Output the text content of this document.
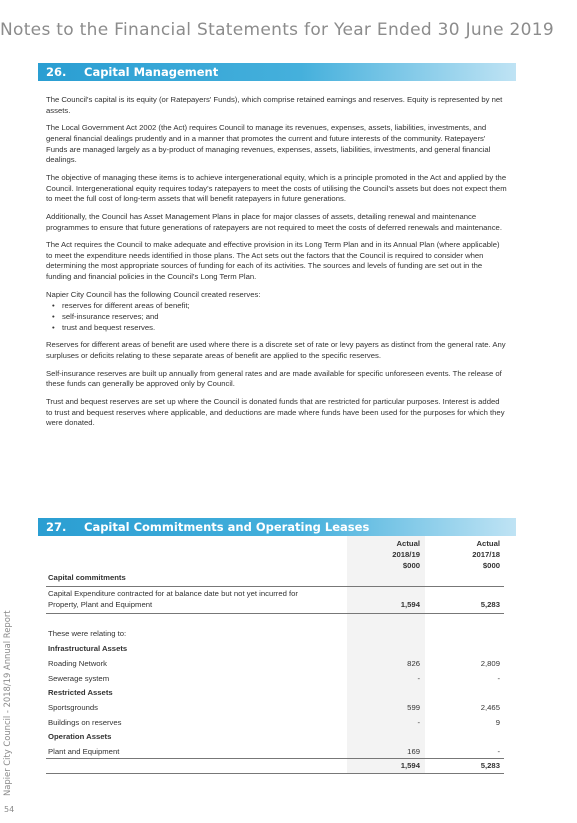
Notes to the Financial Statements for Year Ended 30 June 2019
26. Capital Management

The Council's capital is its equity (or Ratepayers' Funds), which comprise retained earnings and reserves. Equity is represented by net assets.

The Local Government Act 2002 (the Act) requires Council to manage its revenues, expenses, assets, liabilities, investments, and general financial dealings prudently and in a manner that promotes the current and future interests of the community. Ratepayers' Funds are managed largely as a by-product of managing revenues, expenses, assets, liabilities, investments, and general financial dealings.

The objective of managing these items is to achieve intergenerational equity, which is a principle promoted in the Act and applied by the Council. Intergenerational equity requires today's ratepayers to meet the costs of utilising the Council's assets but does not expect them to meet the full cost of long-term assets that will benefit ratepayers in future generations.

Additionally, the Council has Asset Management Plans in place for major classes of assets, detailing renewal and maintenance programmes to ensure that future generations of ratepayers are not required to meet the costs of deferred renewals and maintenance.

The Act requires the Council to make adequate and effective provision in its Long Term Plan and in its Annual Plan (where applicable) to meet the expenditure needs identified in those plans. The Act sets out the factors that the Council is required to consider when determining the most appropriate sources of funding for each of its activities. The sources and levels of funding are set out in the funding and financial policies in the Council's Long Term Plan.

Napier City Council has the following Council created reserves:

• reserves for different areas of benefit;
• self-insurance reserves; and
• trust and bequest reserves.

Reserves for different areas of benefit are used where there is a discrete set of rate or levy payers as distinct from the general rate. Any surpluses or deficits relating to these separate areas of benefit are applied to the specific reserves.

Self-insurance reserves are built up annually from general rates and are made available for specific unforeseen events. The release of these funds can generally be approved only by Council.

Trust and bequest reserves are set up where the Council is donated funds that are restricted for particular purposes. Interest is added to trust and bequest reserves where applicable, and deductions are made where funds have been used for the purposes for which they were donated.

27. Capital Commitments and Operating Leases
Actual
2018/19
$000
Actual
2017/18
$000
Capital commitments
Capital Expenditure contracted for at balance date but not yet incurred for
Property, Plant and Equipment	1,594	5,283
These were relating to:
Infrastructural Assets
Roading Network	826	2,809
Sewerage system	-	-
Restricted Assets
Sportsgrounds	599	2,465
Buildings on reserves	-	9
Operation Assets
Plant and Equipment	169	-
1,594	5,283
Napier City Council - 2018/19 Annual Report
54
